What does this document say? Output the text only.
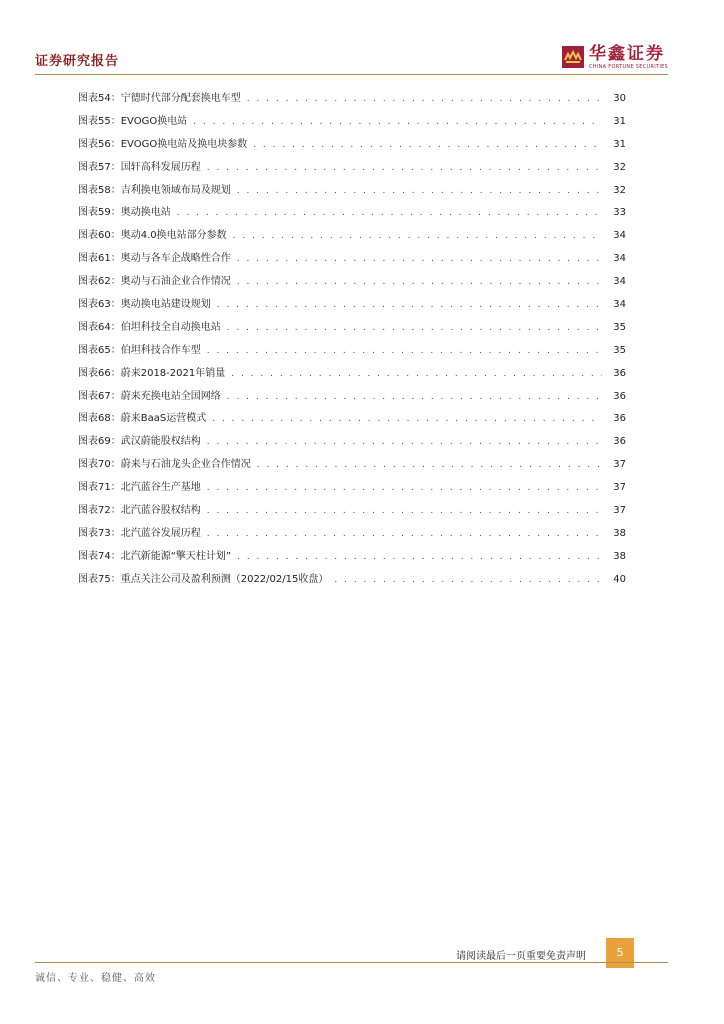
证券研究报告	华鑫证券
CHINA FORTUNE SECURITIES
图表54：宁德时代部分配套换电车型 . . .	30
图表55：EVOGO换电站 . . .	31
图表56：EVOGO换电站及换电块参数 . . .	31
图表57：国轩高科发展历程 . . .	32
图表58：吉利换电领域布局及规划 . . .	32
图表59：奥动换电站 . . .	33
图表60：奥动4.0换电站部分参数 . . .	34
图表61：奥动与各车企战略性合作 . . .	34
图表62：奥动与石油企业合作情况 . . .	34
图表63：奥动换电站建设规划 . . .	34
图表64：伯坦科技全自动换电站 . . .	35
图表65：伯坦科技合作车型 . . .	35
图表66：蔚来2018-2021年销量 . . .	36
图表67：蔚来充换电站全国网络 . . .	36
图表68：蔚来BaaS运营模式 . . .	36
图表69：武汉蔚能股权结构 . . .	36
图表70：蔚来与石油龙头企业合作情况 . . .	37
图表71：北汽蓝谷生产基地 . . .	37
图表72：北汽蓝谷股权结构 . . .	37
图表73：北汽蓝谷发展历程 . . .	38
图表74：北汽新能源“擎天柱计划” . . .	38
图表75：重点关注公司及盈利预测（2022/02/15收盘） . . .	40
请阅读最后一页重要免责声明	5
诚信、专业、稳健、高效
